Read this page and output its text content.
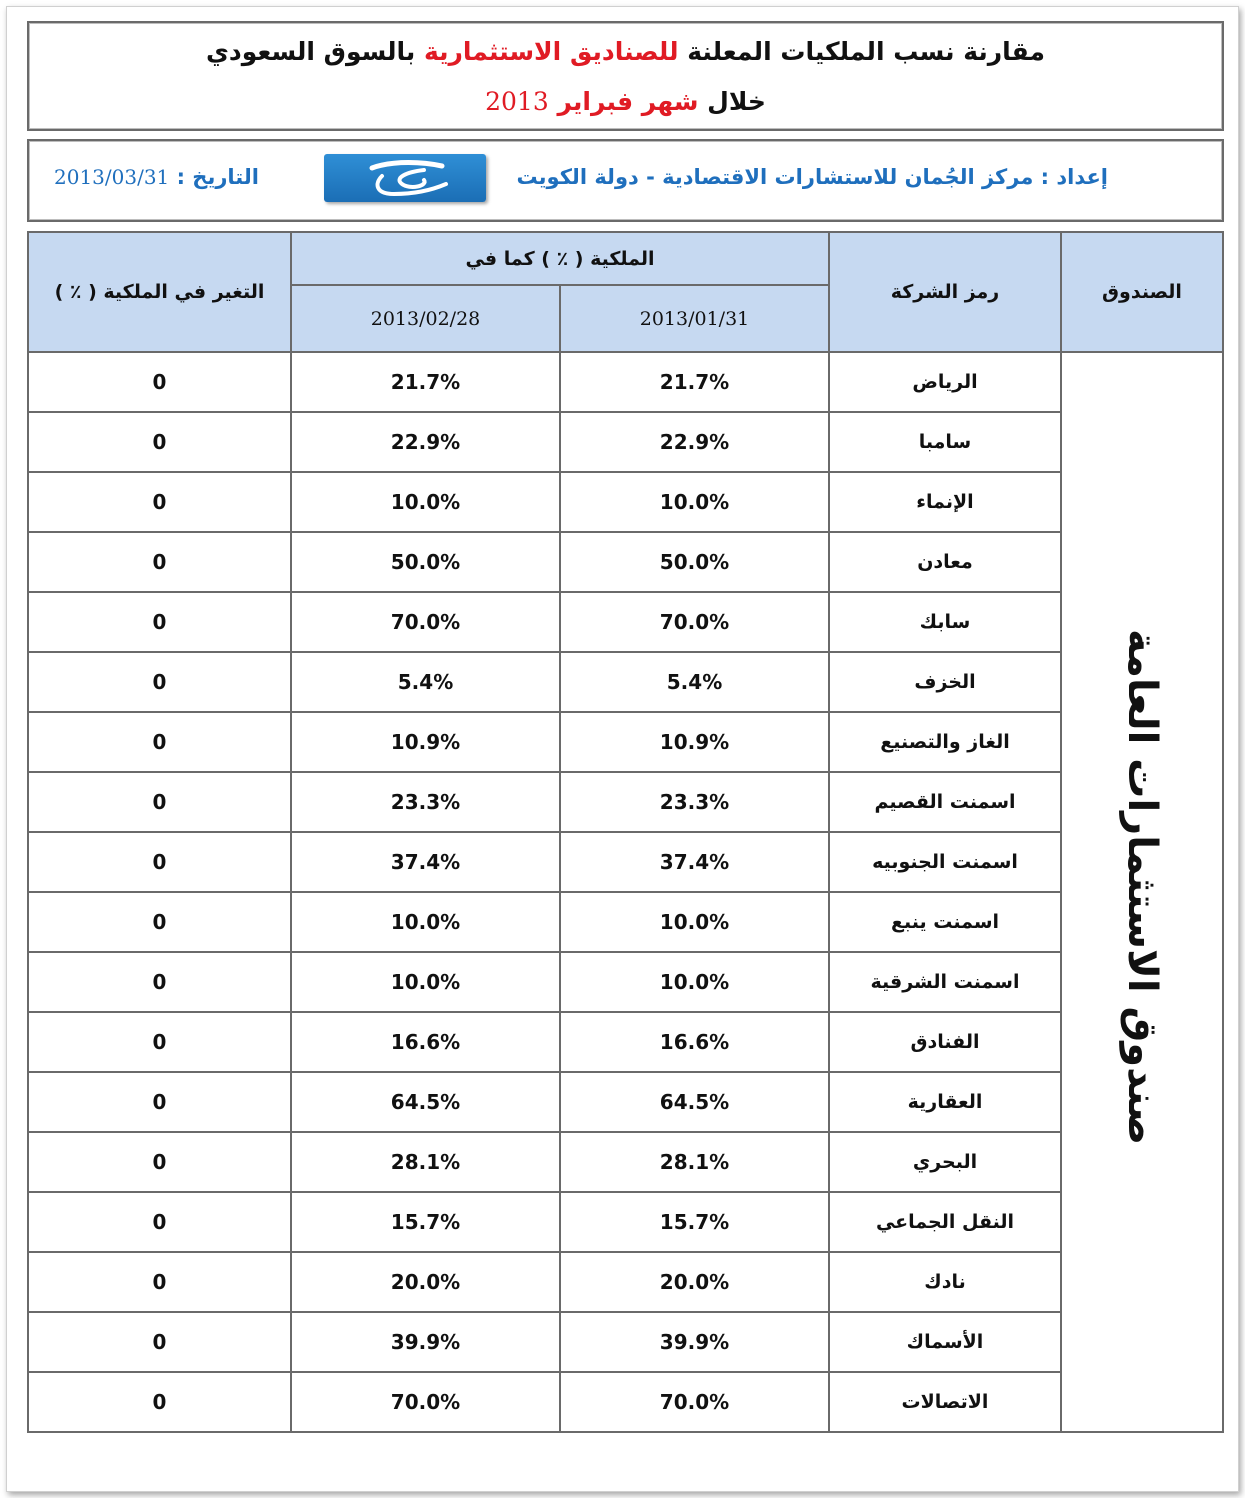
مقارنة نسب الملكيات المعلنة للصناديق الاستثمارية بالسوق السعودي
خلال شهر فبراير 2013
إعداد : مركز الجُمان للاستشارات الاقتصادية - دولة الكويت
التاريخ : 2013/03/31
الصندوق	رمز الشركة	الملكية ( ٪ ) كما في		التغير في الملكية ( ٪ )
		2013/01/31	2013/02/28	
صندوق الاستثمارات العامة	الرياض	21.7%	21.7%	0
	سامبا	22.9%	22.9%	0
	الإنماء	10.0%	10.0%	0
	معادن	50.0%	50.0%	0
	سابك	70.0%	70.0%	0
	الخزف	5.4%	5.4%	0
	الغاز والتصنيع	10.9%	10.9%	0
	اسمنت القصيم	23.3%	23.3%	0
	اسمنت الجنوبيه	37.4%	37.4%	0
	اسمنت ينبع	10.0%	10.0%	0
	اسمنت الشرقية	10.0%	10.0%	0
	الفنادق	16.6%	16.6%	0
	العقارية	64.5%	64.5%	0
	البحري	28.1%	28.1%	0
	النقل الجماعي	15.7%	15.7%	0
	نادك	20.0%	20.0%	0
	الأسماك	39.9%	39.9%	0
	الاتصالات	70.0%	70.0%	0
